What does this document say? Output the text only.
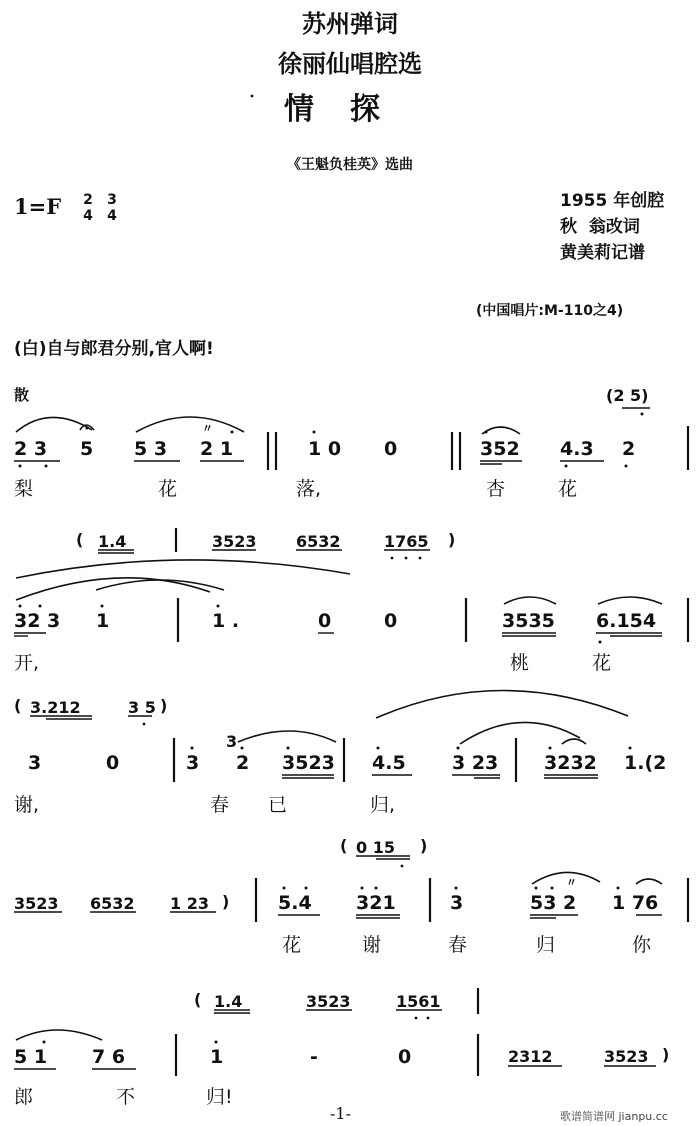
苏州弹词
徐丽仙唱腔选
情探
《王魁负桂英》选曲
1=F 2
4
3
4
1955 年创腔
秋  翁改词
黄美莉记谱
(中国唱片:M-110之4)
(白)自与郎君分别,官人啊!
散	(2 5)
2 3 5 5 3 2 1	1 0 0	352 4.3 2
梨	花	落,	杏	花
( 1.4	3523 6532	1765 )
32 3 1	1 .	0	0	3535 6.154
开,	桃	花
( 3.212	3 5 )
3	0	3
3
2 3523 4.5 3 23 3232 1.(2
谢,	春 已	归,
( 0 15 )
3523 6532 1 23 )	5.4 321	3	53 2 1 76
花	谢	春	归	你
( 1.4	3523	1561
5 1 7 6	1	-	0	2312	3523 )
郎	不	归!
-1-	歌谱简谱网 jianpu.cc
〃
〃
